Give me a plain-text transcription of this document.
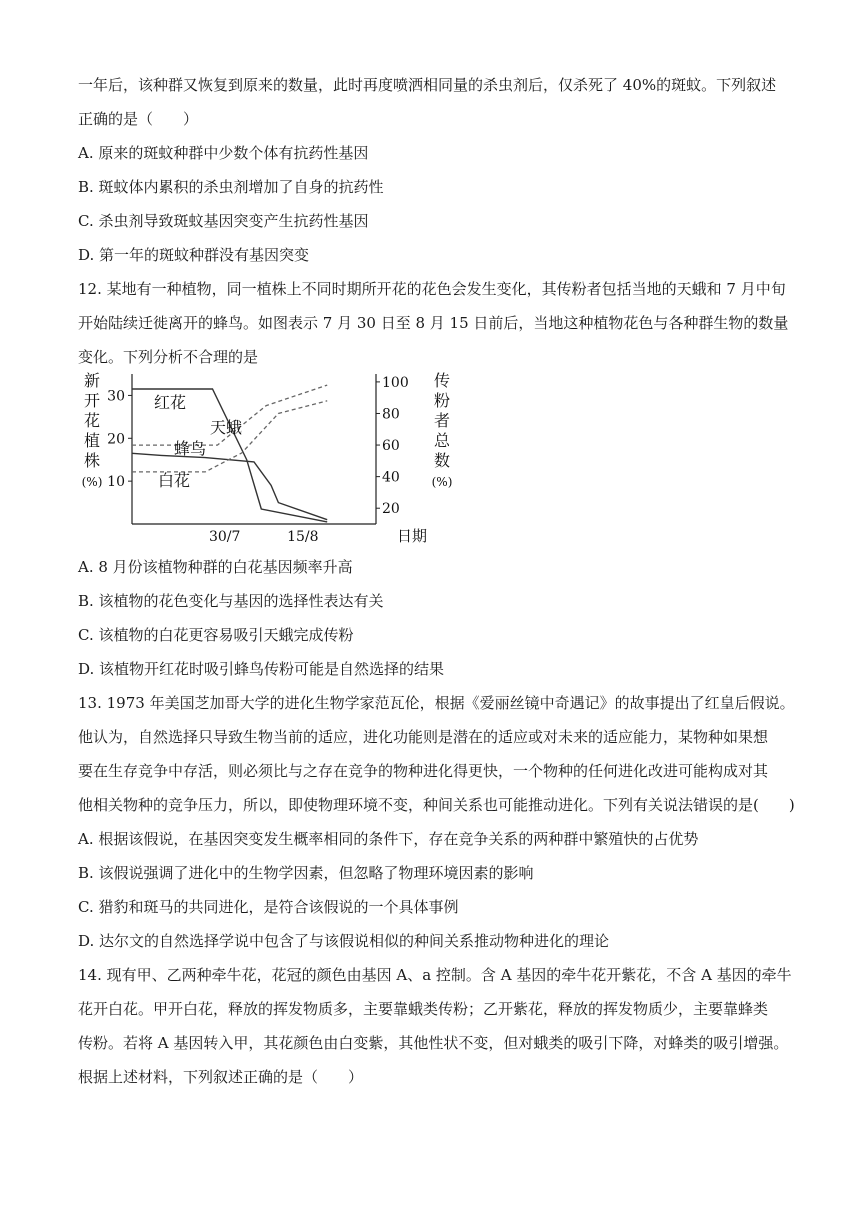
一年后，该种群又恢复到原来的数量，此时再度喷洒相同量的杀虫剂后，仅杀死了 40%的斑蚊。下列叙述
正确的是（　　）
A. 原来的斑蚊种群中少数个体有抗药性基因
B. 斑蚊体内累积的杀虫剂增加了自身的抗药性
C. 杀虫剂导致斑蚊基因突变产生抗药性基因
D. 第一年的斑蚊种群没有基因突变
12. 某地有一种植物，同一植株上不同时期所开花的花色会发生变化，其传粉者包括当地的天蛾和 7 月中旬
开始陆续迁徙离开的蜂鸟。如图表示 7 月 30 日至 8 月 15 日前后，当地这种植物花色与各种群生物的数量
变化。下列分析不合理的是
新
开
花
植
株
(%)
传
粉
者
总
数
(%)
30
20
10
100
80
60
40
20
30/7	15/8	日期
红花
白花
天蛾
蜂鸟
A. 8 月份该植物种群的白花基因频率升高
B. 该植物的花色变化与基因的选择性表达有关
C. 该植物的白花更容易吸引天蛾完成传粉
D. 该植物开红花时吸引蜂鸟传粉可能是自然选择的结果
13. 1973 年美国芝加哥大学的进化生物学家范瓦伦，根据《爱丽丝镜中奇遇记》的故事提出了红皇后假说。
他认为，自然选择只导致生物当前的适应，进化功能则是潜在的适应或对未来的适应能力，某物种如果想
要在生存竞争中存活，则必须比与之存在竞争的物种进化得更快，一个物种的任何进化改进可能构成对其
他相关物种的竞争压力，所以，即使物理环境不变，种间关系也可能推动进化。下列有关说法错误的是(　　)
A. 根据该假说，在基因突变发生概率相同的条件下，存在竞争关系的两种群中繁殖快的占优势
B. 该假说强调了进化中的生物学因素，但忽略了物理环境因素的影响
C. 猎豹和斑马的共同进化，是符合该假说的一个具体事例
D. 达尔文的自然选择学说中包含了与该假说相似的种间关系推动物种进化的理论
14. 现有甲、乙两种牵牛花，花冠的颜色由基因 A、a 控制。含 A 基因的牵牛花开紫花，不含 A 基因的牵牛
花开白花。甲开白花，释放的挥发物质多，主要靠蛾类传粉；乙开紫花，释放的挥发物质少，主要靠蜂类
传粉。若将 A 基因转入甲，其花颜色由白变紫，其他性状不变，但对蛾类的吸引下降，对蜂类的吸引增强。
根据上述材料，下列叙述正确的是（　　）
